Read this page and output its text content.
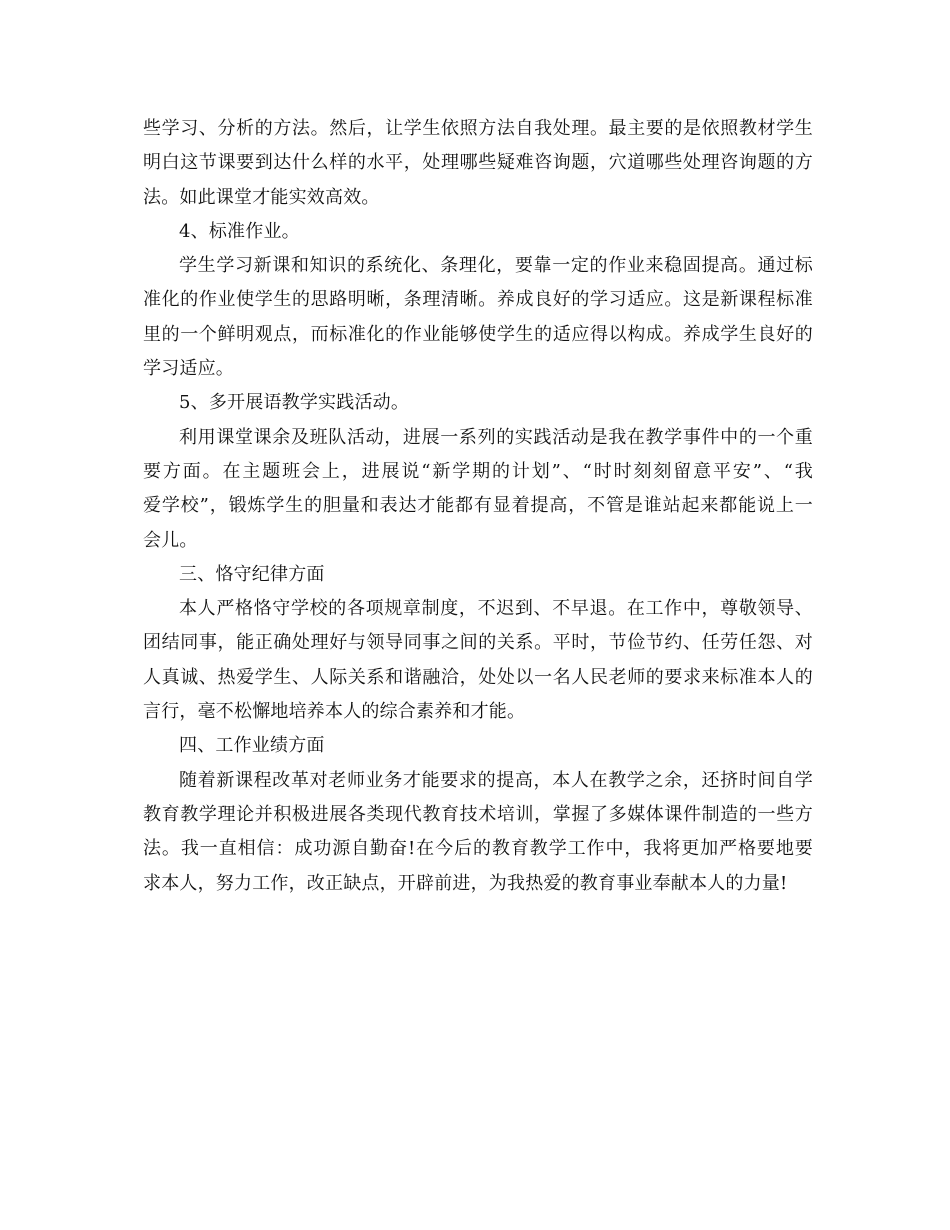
些学习、分析的方法。然后，让学生依照方法自我处理。最主要的是依照教材学生
明白这节课要到达什么样的水平，处理哪些疑难咨询题，穴道哪些处理咨询题的方
法。如此课堂才能实效高效。
4、标准作业。
学生学习新课和知识的系统化、条理化，要靠一定的作业来稳固提高。通过标
准化的作业使学生的思路明晰，条理清晰。养成良好的学习适应。这是新课程标准
里的一个鲜明观点，而标准化的作业能够使学生的适应得以构成。养成学生良好的
学习适应。
5、多开展语教学实践活动。
利用课堂课余及班队活动，进展一系列的实践活动是我在教学事件中的一个重
要方面。在主题班会上，进展说“新学期的计划”、“时时刻刻留意平安”、“我
爱学校”，锻炼学生的胆量和表达才能都有显着提高，不管是谁站起来都能说上一
会儿。
三、恪守纪律方面
本人严格恪守学校的各项规章制度，不迟到、不早退。在工作中，尊敬领导、
团结同事，能正确处理好与领导同事之间的关系。平时，节俭节约、任劳任怨、对
人真诚、热爱学生、人际关系和谐融洽，处处以一名人民老师的要求来标准本人的
言行，毫不松懈地培养本人的综合素养和才能。
四、工作业绩方面
随着新课程改革对老师业务才能要求的提高，本人在教学之余，还挤时间自学
教育教学理论并积极进展各类现代教育技术培训，掌握了多媒体课件制造的一些方
法。我一直相信：成功源自勤奋!在今后的教育教学工作中，我将更加严格要地要
求本人，努力工作，改正缺点，开辟前进，为我热爱的教育事业奉献本人的力量!
